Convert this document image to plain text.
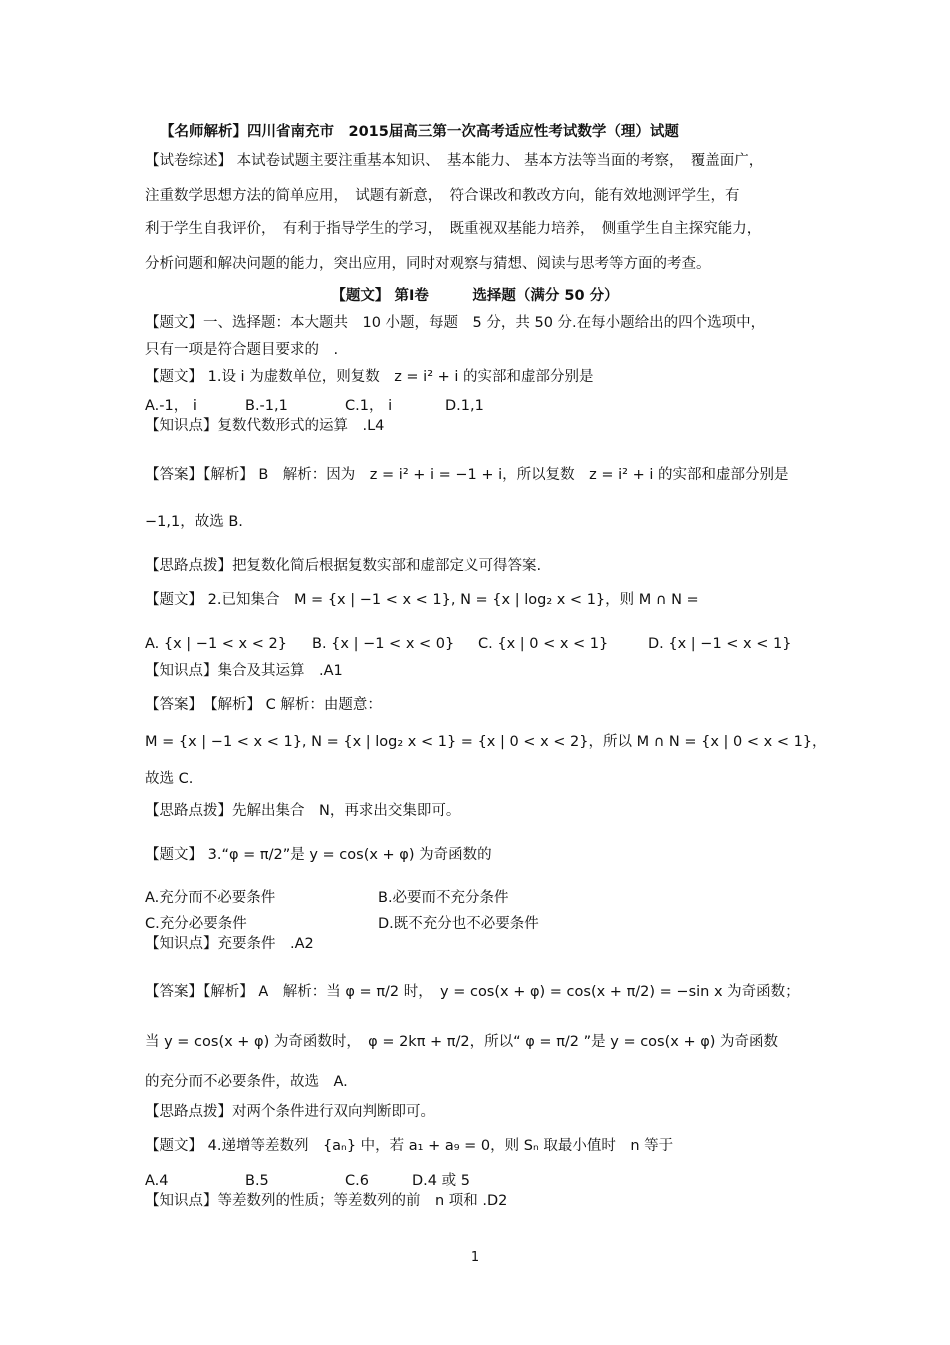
【名师解析】四川省南充市　2015届高三第一次高考适应性考试数学（理）试题
【试卷综述】 本试卷试题主要注重基本知识、　基本能力、 基本方法等当面的考察，　覆盖面广，
注重数学思想方法的简单应用，　试题有新意，　符合课改和教改方向，能有效地测评学生，有
利于学生自我评价，　有利于指导学生的学习，　既重视双基能力培养，　侧重学生自主探究能力，
分析问题和解决问题的能力，突出应用，同时对观察与猜想、阅读与思考等方面的考查。
【题文】 第Ⅰ卷　　　选择题（满分 50 分）
【题文】一、选择题：本大题共　10 小题，每题　5 分，共 50 分.在每小题给出的四个选项中，
只有一项是符合题目要求的　.
【题文】 1.设 i 为虚数单位，则复数　z = i² + i 的实部和虚部分别是
A.-1， i	B.-1,1	C.1， i	D.1,1
【知识点】复数代数形式的运算　.L4
【答案】【解析】 B　解析：因为　z = i² + i = −1 + i，所以复数　z = i² + i 的实部和虚部分别是
−1,1，故选 B.
【思路点拨】把复数化简后根据复数实部和虚部定义可得答案.
【题文】 2.已知集合　M = {x | −1 < x < 1}, N = {x | log₂ x < 1}，则 M ∩ N =
A. {x | −1 < x < 2} B. {x | −1 < x < 0} C. {x | 0 < x < 1}	D. {x | −1 < x < 1}
【知识点】集合及其运算　.A1
【答案】　【解析】 C 解析：由题意：
M = {x | −1 < x < 1}, N = {x | log₂ x < 1} = {x | 0 < x < 2}，所以 M ∩ N = {x | 0 < x < 1}，
故选 C.
【思路点拨】先解出集合　N，再求出交集即可。
【题文】 3.“φ = π/2”是 y = cos(x + φ) 为奇函数的
A.充分而不必要条件	B.必要而不充分条件
C.充分必要条件	D.既不充分也不必要条件
【知识点】充要条件　.A2
【答案】【解析】 A　解析：当 φ = π/2 时，　y = cos(x + φ) = cos(x + π/2) = −sin x 为奇函数；
当 y = cos(x + φ) 为奇函数时，　φ = 2kπ + π/2，所以“ φ = π/2 ”是 y = cos(x + φ) 为奇函数
的充分而不必要条件，故选　A.
【思路点拨】对两个条件进行双向判断即可。
【题文】 4.递增等差数列　{aₙ} 中，若 a₁ + a₉ = 0，则 Sₙ 取最小值时　n 等于
A.4	B.5	C.6	D.4 或 5
【知识点】等差数列的性质；等差数列的前　n 项和 .D2
1
